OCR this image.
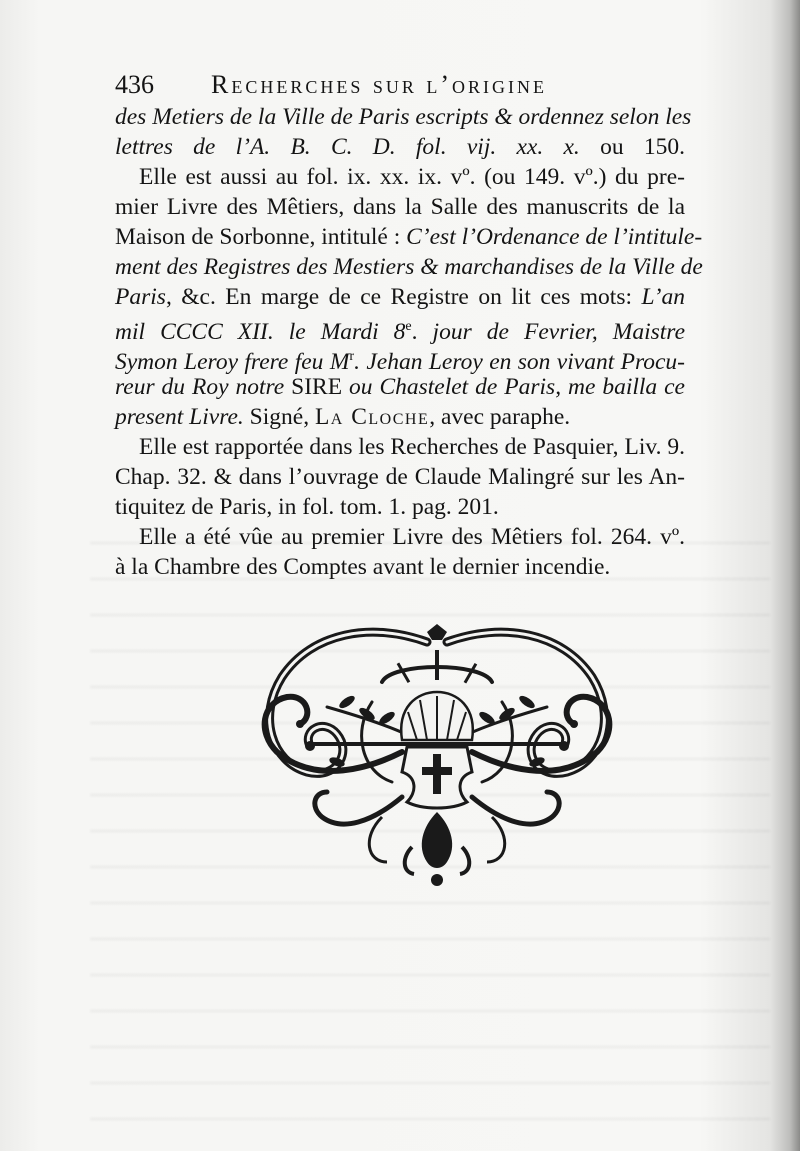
436 Recherches sur l’origine
des Metiers de la Ville de Paris escripts & ordennez selon les
lettres de l’A. B. C. D. fol. vij. xx. x. ou 150.
Elle est aussi au fol. ix. xx. ix. vº. (ou 149. vº.) du pre-
mier Livre des Mêtiers, dans la Salle des manuscrits de la
Maison de Sorbonne, intitulé : C’est l’Ordenance de l’intitule-
ment des Registres des Mestiers & marchandises de la Ville de
Paris, &c. En marge de ce Registre on lit ces mots: L’an
mil CCCC XII. le Mardi 8e. jour de Fevrier, Maistre
Symon Leroy frere feu $M^r$. Jehan Leroy en son vivant Procu-
reur du Roy notre SIRE ou Chastelet de Paris, me bailla ce
present Livre. Signé, La Cloche, avec paraphe.
Elle est rapportée dans les Recherches de Pasquier, Liv. 9.
Chap. 32. & dans l’ouvrage de Claude Malingré sur les An-
tiquitez de Paris, in fol. tom. 1. pag. 201.
Elle a été vûe au premier Livre des Mêtiers fol. 264. vº.
à la Chambre des Comptes avant le dernier incendie.
